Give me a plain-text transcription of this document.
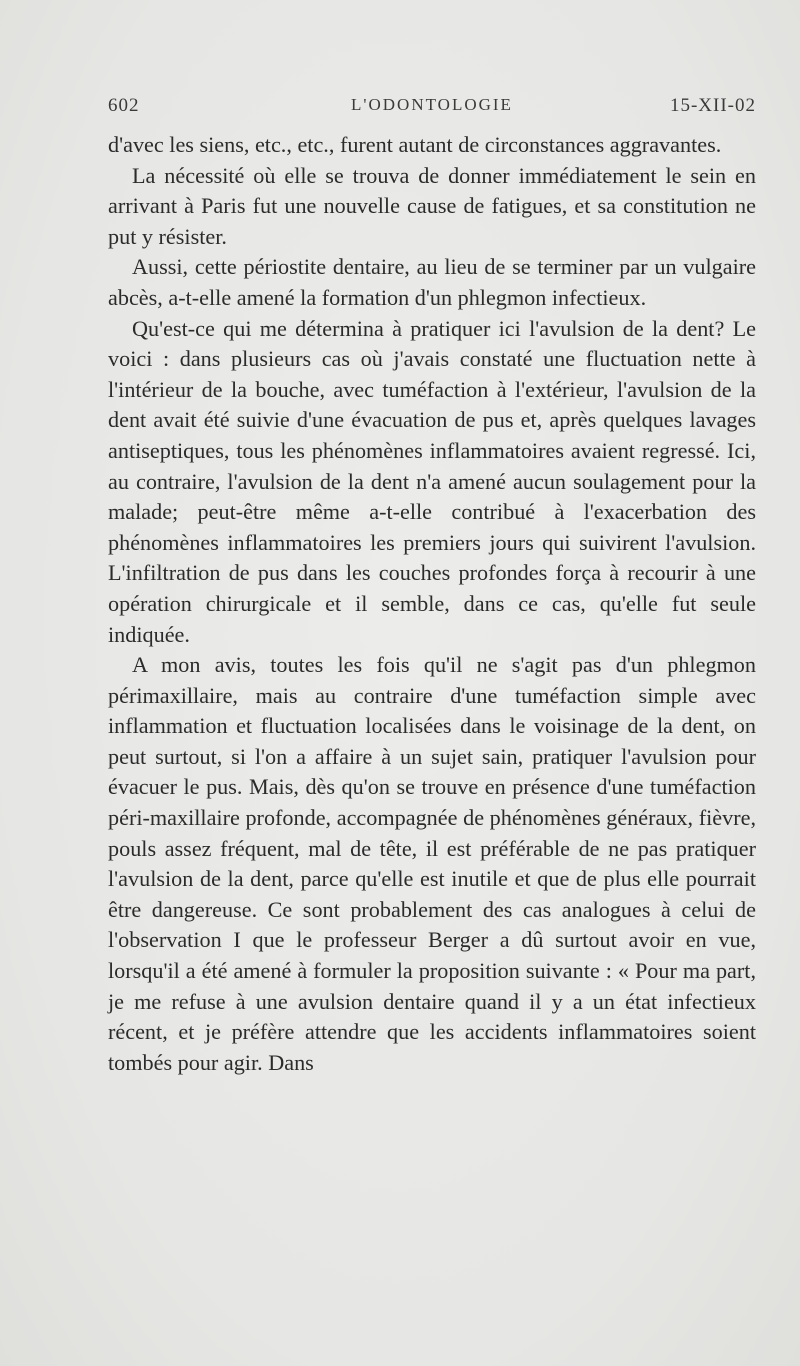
602	L'ODONTOLOGIE	15-XII-02

d'avec les siens, etc., etc., furent autant de circonstances aggravantes.

La nécessité où elle se trouva de donner immédiatement le sein en arrivant à Paris fut une nouvelle cause de fatigues, et sa constitution ne put y résister.

Aussi, cette périostite dentaire, au lieu de se terminer par un vulgaire abcès, a-t-elle amené la formation d'un phlegmon infectieux.

Qu'est-ce qui me détermina à pratiquer ici l'avulsion de la dent? Le voici : dans plusieurs cas où j'avais constaté une fluctuation nette à l'intérieur de la bouche, avec tuméfaction à l'extérieur, l'avulsion de la dent avait été suivie d'une évacuation de pus et, après quelques lavages antiseptiques, tous les phénomènes inflammatoires avaient regressé. Ici, au contraire, l'avulsion de la dent n'a amené aucun soulagement pour la malade; peut-être même a-t-elle contribué à l'exacerbation des phénomènes inflammatoires les premiers jours qui suivirent l'avulsion. L'infiltration de pus dans les couches profondes força à recourir à une opération chirurgicale et il semble, dans ce cas, qu'elle fut seule indiquée.

A mon avis, toutes les fois qu'il ne s'agit pas d'un phlegmon périmaxillaire, mais au contraire d'une tuméfaction simple avec inflammation et fluctuation localisées dans le voisinage de la dent, on peut surtout, si l'on a affaire à un sujet sain, pratiquer l'avulsion pour évacuer le pus. Mais, dès qu'on se trouve en présence d'une tuméfaction péri-maxillaire profonde, accompagnée de phénomènes généraux, fièvre, pouls assez fréquent, mal de tête, il est préférable de ne pas pratiquer l'avulsion de la dent, parce qu'elle est inutile et que de plus elle pourrait être dangereuse. Ce sont probablement des cas analogues à celui de l'observation I que le professeur Berger a dû surtout avoir en vue, lorsqu'il a été amené à formuler la proposition suivante : « Pour ma part, je me refuse à une avulsion dentaire quand il y a un état infectieux récent, et je préfère attendre que les accidents inflammatoires soient tombés pour agir. Dans
